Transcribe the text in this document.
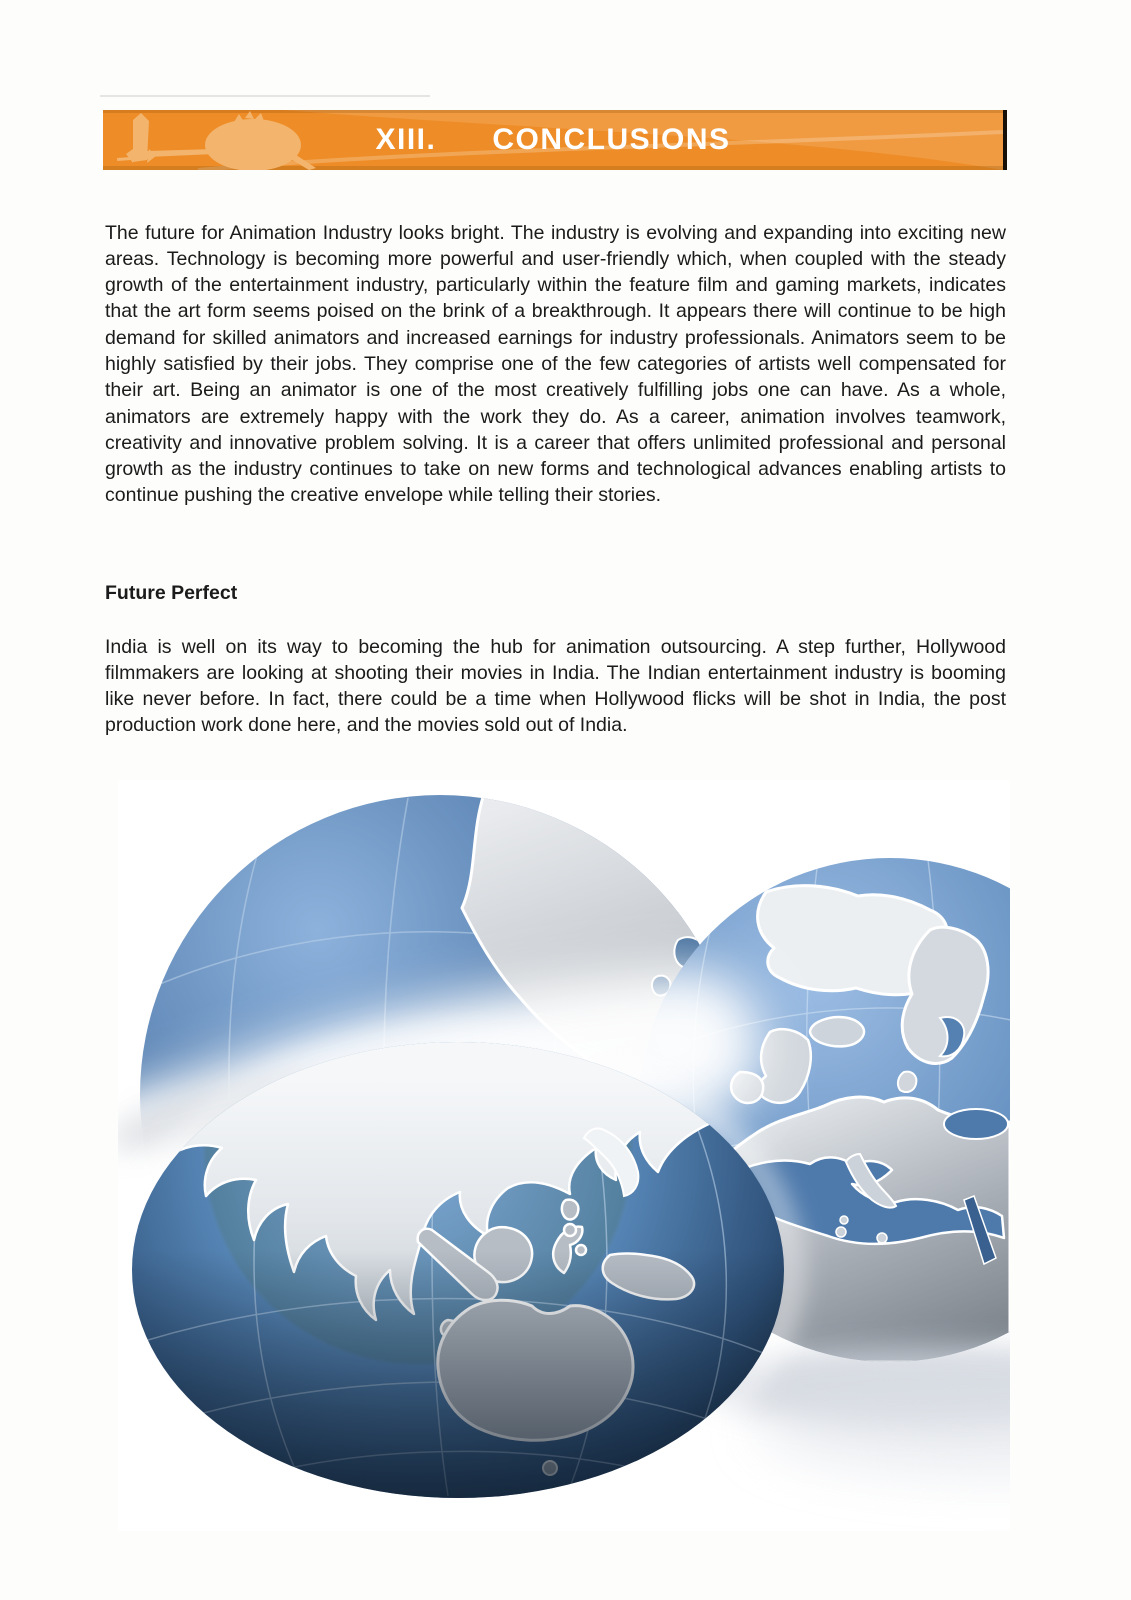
XIII. CONCLUSIONS

The future for Animation Industry looks bright. The industry is evolving and expanding into exciting new areas. Technology is becoming more powerful and user-friendly which, when coupled with the steady growth of the entertainment industry, particularly within the feature film and gaming markets, indicates that the art form seems poised on the brink of a breakthrough. It appears there will continue to be high demand for skilled animators and increased earnings for industry professionals. Animators seem to be highly satisfied by their jobs. They comprise one of the few categories of artists well compensated for their art. Being an animator is one of the most creatively fulfilling jobs one can have. As a whole, animators are extremely happy with the work they do. As a career, animation involves teamwork, creativity and innovative problem solving. It is a career that offers unlimited professional and personal growth as the industry continues to take on new forms and technological advances enabling artists to continue pushing the creative envelope while telling their stories.

Future Perfect

India is well on its way to becoming the hub for animation outsourcing. A step further, Hollywood filmmakers are looking at shooting their movies in India. The Indian entertainment industry is booming like never before. In fact, there could be a time when Hollywood flicks will be shot in India, the post production work done here, and the movies sold out of India.
